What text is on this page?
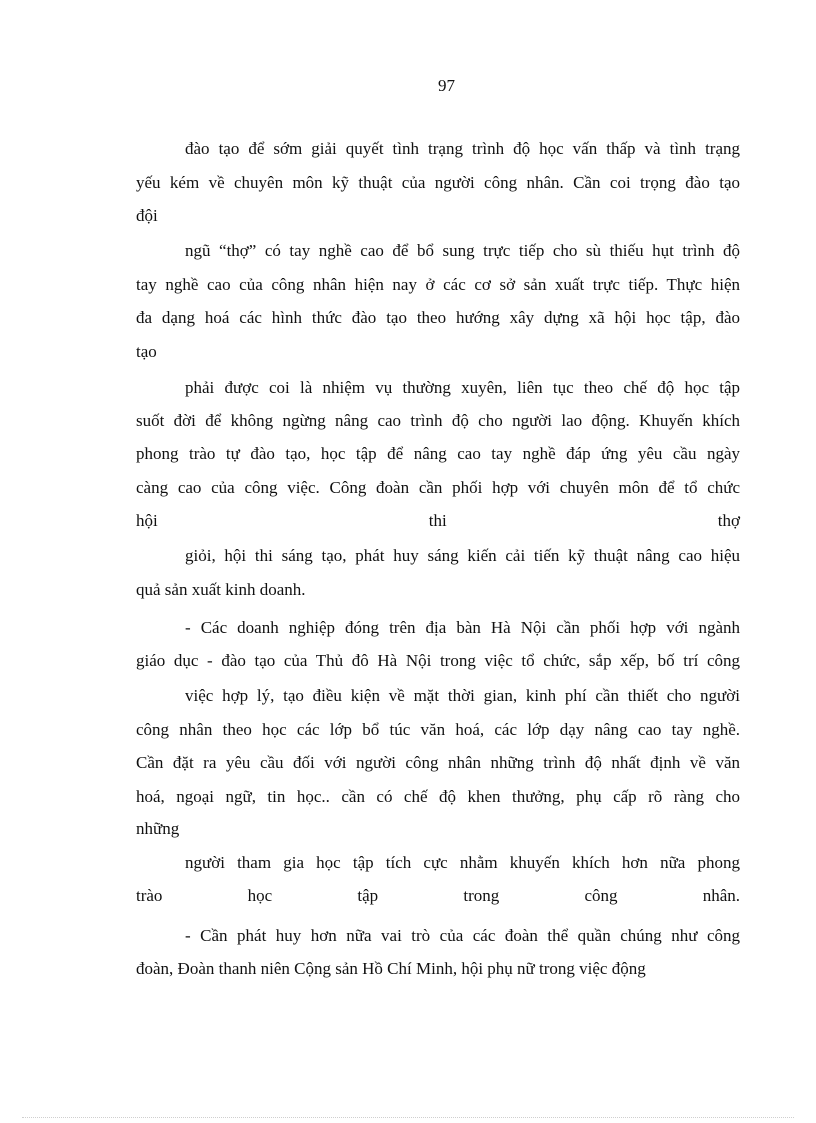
97
đào tạo để sớm giải quyết tình trạng trình độ học vấn thấp và tình trạng
yếu kém về chuyên môn kỹ thuật của người công nhân. Cần coi trọng đào tạo
đội
ngũ “thợ” có tay nghề cao để bổ sung trực tiếp cho sù thiếu hụt trình độ
tay nghề cao của công nhân hiện nay ở các cơ sở sản xuất trực tiếp. Thực hiện
đa dạng hoá các hình thức đào tạo theo hướng xây dựng xã hội học tập, đào
tạo
phải được coi là nhiệm vụ thường xuyên, liên tục theo chế độ học tập
suốt đời để không ngừng nâng cao trình độ cho người lao động. Khuyến khích
phong trào tự đào tạo, học tập để nâng cao tay nghề đáp ứng yêu cầu ngày
càng cao của công việc. Công đoàn cần phối hợp với chuyên môn để tổ chức
hội thi thợ
giỏi, hội thi sáng tạo, phát huy sáng kiến cải tiến kỹ thuật nâng cao hiệu
quả sản xuất kinh doanh.
- Các doanh nghiệp đóng trên địa bàn Hà Nội cần phối hợp với ngành
giáo dục - đào tạo của Thủ đô Hà Nội trong việc tổ chức, sắp xếp, bố trí công
việc hợp lý, tạo điều kiện về mặt thời gian, kinh phí cần thiết cho người
công nhân theo học các lớp bổ túc văn hoá, các lớp dạy nâng cao tay nghề.
Cần đặt ra yêu cầu đối với người công nhân những trình độ nhất định về văn
hoá, ngoại ngữ, tin học.. cần có chế độ khen thưởng, phụ cấp rõ ràng cho
những
người tham gia học tập tích cực nhằm khuyến khích hơn nữa phong
trào học tập trong công nhân.
- Cần phát huy hơn nữa vai trò của các đoàn thể quần chúng như công
đoàn, Đoàn thanh niên Cộng sản Hồ Chí Minh, hội phụ nữ trong việc động
